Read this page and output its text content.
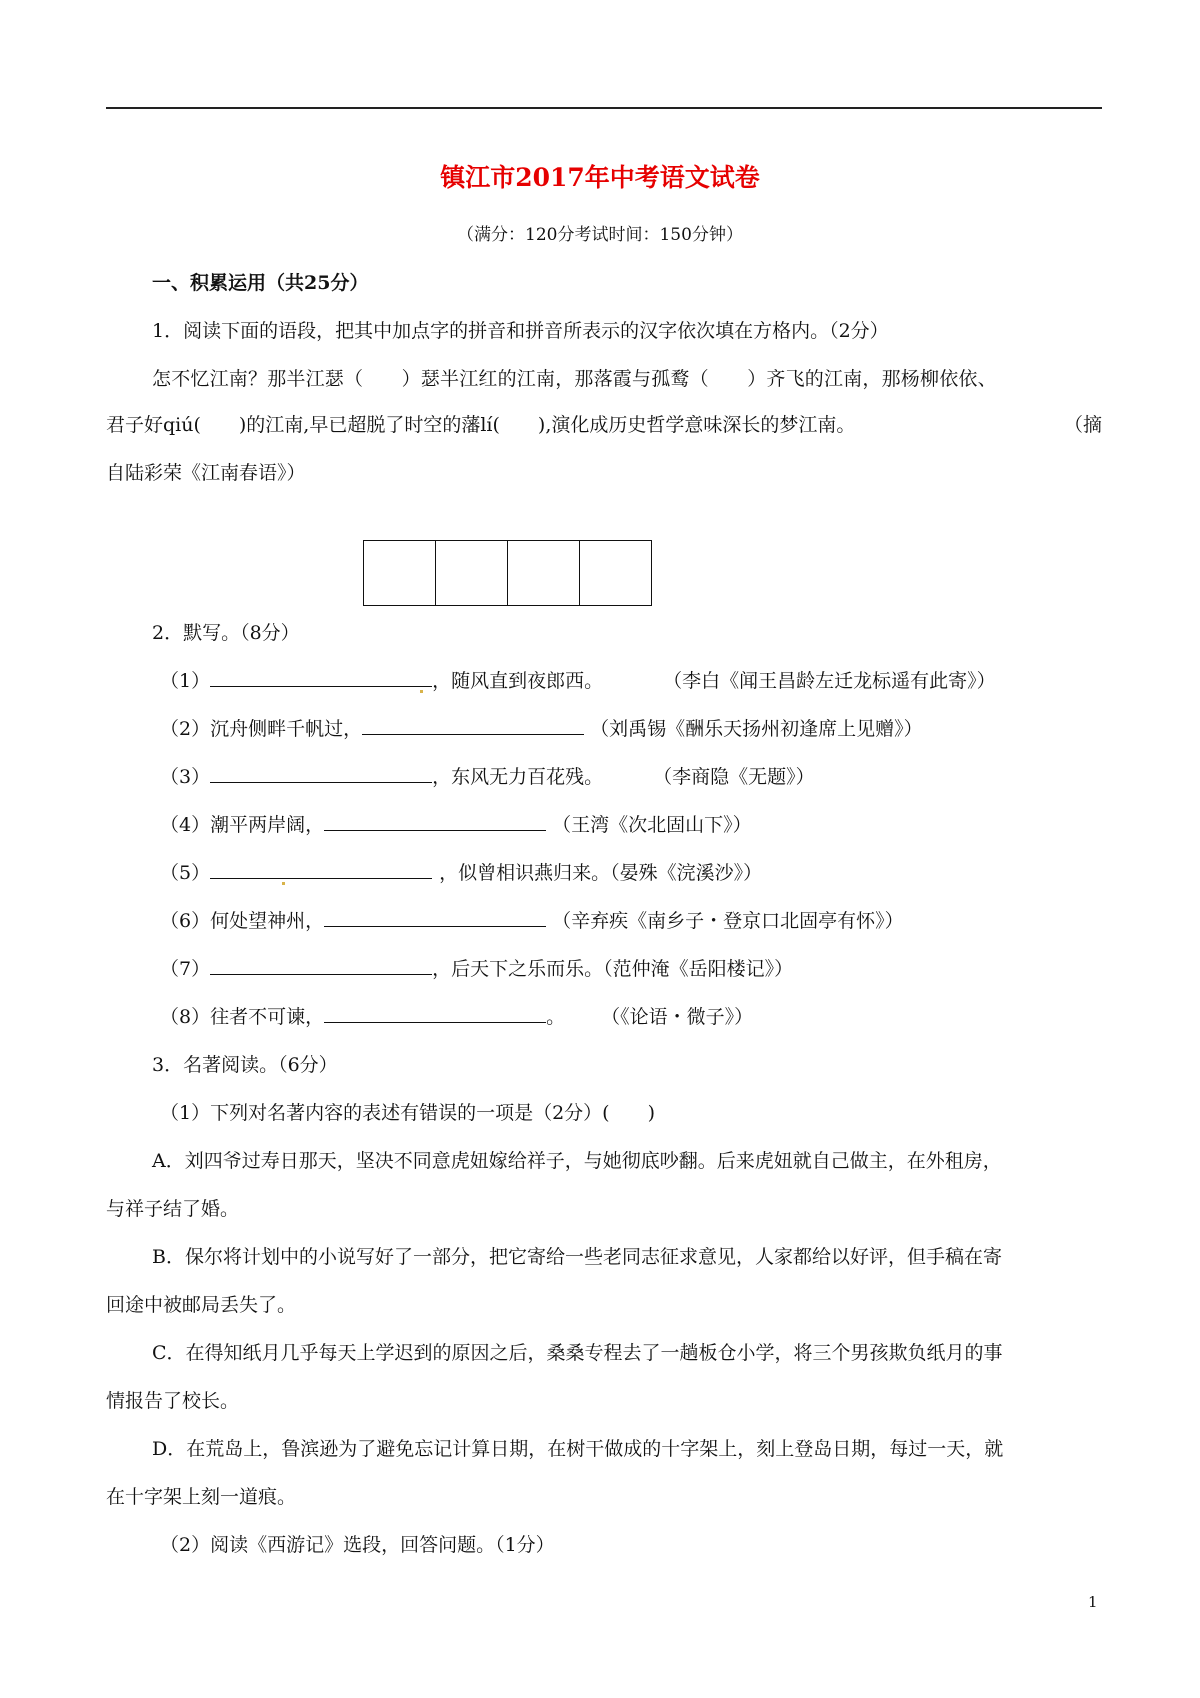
镇江市2017年中考语文试卷
（满分：120分考试时间：150分钟）
一、积累运用（共25分）
1．阅读下面的语段，把其中加点字的拼音和拼音所表示的汉字依次填在方格内。（2分）
怎不忆江南？那半江瑟（　　）瑟半江红的江南，那落霞与孤鹜（　　）齐飞的江南，那杨柳依依、
君子好qiú(　　)的江南,早已超脱了时空的藩lí(　　),演化成历史哲学意味深长的梦江南。	（摘
自陆彩荣《江南春语》）
2．默写。（8分）
（1）	，随风直到夜郎西。	（李白《闻王昌龄左迁龙标遥有此寄》）
（2）沉舟侧畔千帆过，	（刘禹锡《酬乐天扬州初逢席上见赠》）
（3）	，东风无力百花残。	（李商隐《无题》）
（4）潮平两岸阔，	（王湾《次北固山下》）
（5）	，似曾相识燕归来。（晏殊《浣溪沙》）
（6）何处望神州，	（辛弃疾《南乡子・登京口北固亭有怀》）
（7）	，后天下之乐而乐。（范仲淹《岳阳楼记》）
（8）往者不可谏，	。 （《论语・微子》）
3．名著阅读。（6分）
（1）下列对名著内容的表述有错误的一项是（2分）(　　)
A．刘四爷过寿日那天，坚决不同意虎妞嫁给祥子，与她彻底吵翻。后来虎妞就自己做主，在外租房，
与祥子结了婚。
B．保尔将计划中的小说写好了一部分，把它寄给一些老同志征求意见，人家都给以好评，但手稿在寄
回途中被邮局丢失了。
C．在得知纸月几乎每天上学迟到的原因之后，桑桑专程去了一趟板仓小学，将三个男孩欺负纸月的事
情报告了校长。
D．在荒岛上，鲁滨逊为了避免忘记计算日期，在树干做成的十字架上，刻上登岛日期，每过一天，就
在十字架上刻一道痕。
（2）阅读《西游记》选段，回答问题。（1分）
1
